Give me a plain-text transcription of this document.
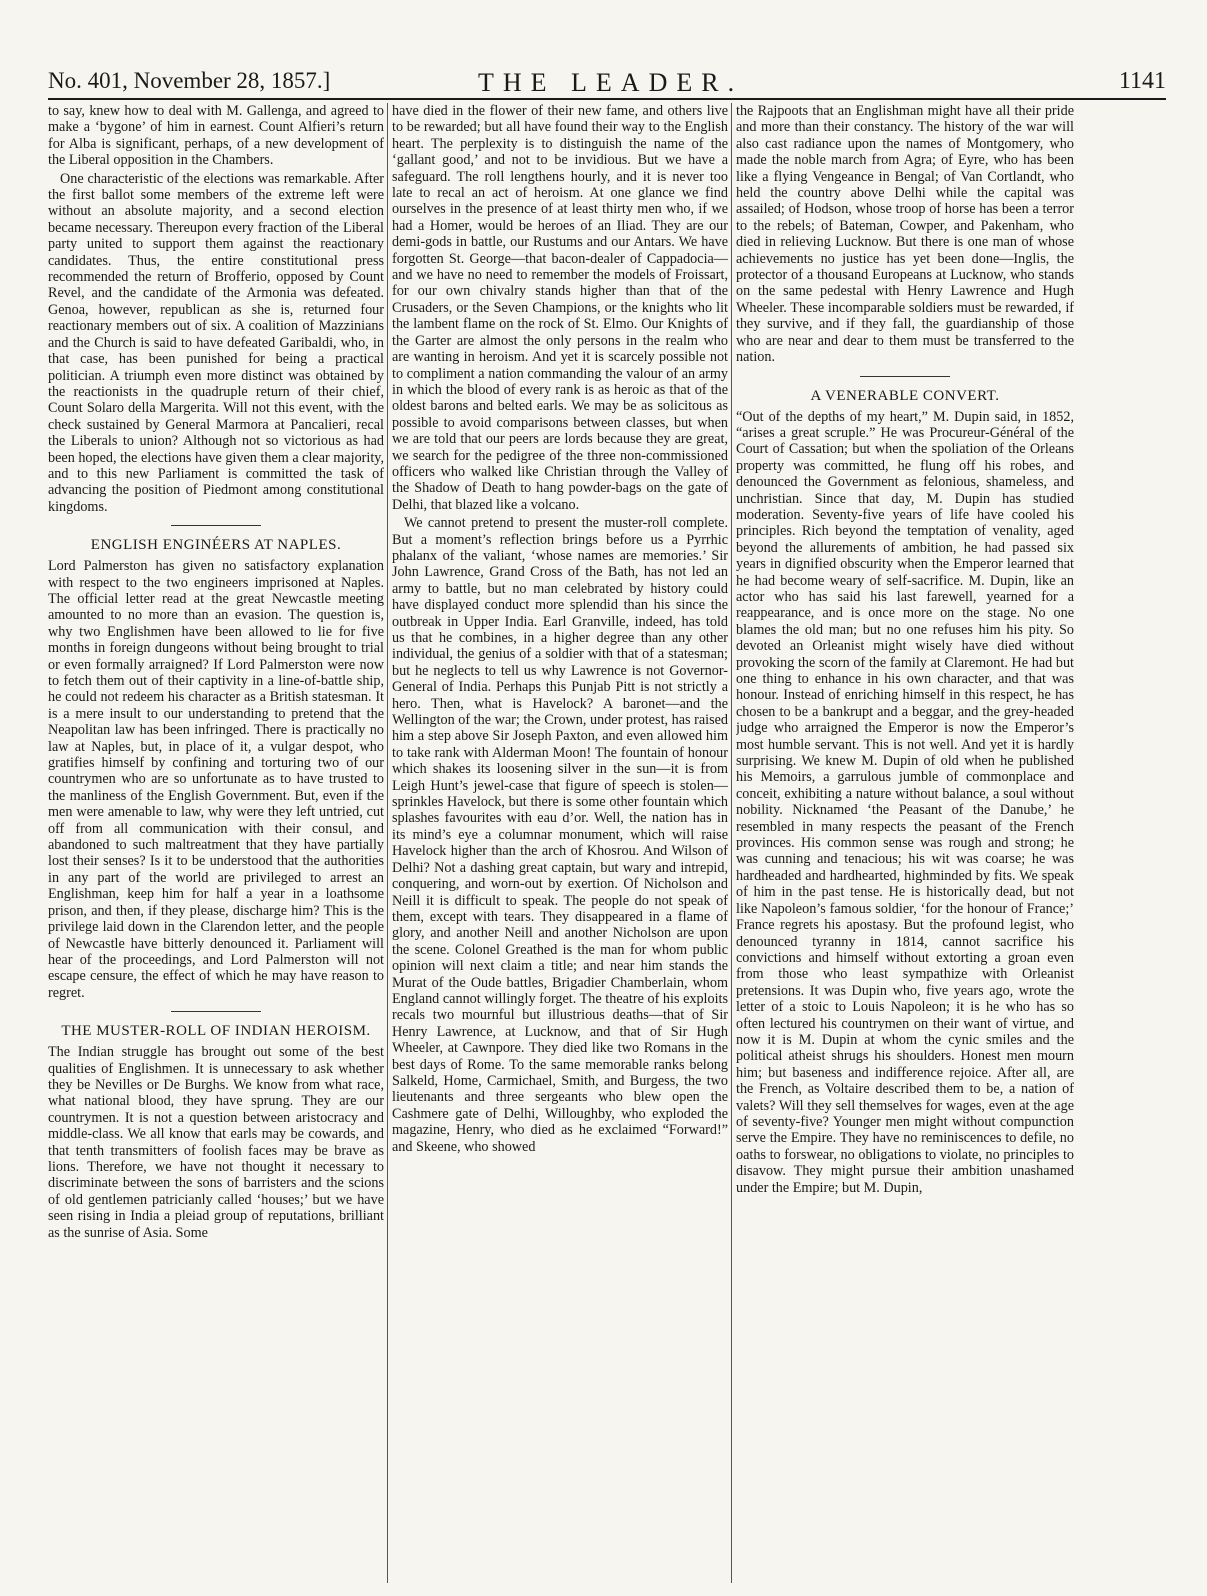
No. 401, November 28, 1857.]	THE LEADER.	1141

to say, knew how to deal with M. Gallenga, and agreed to make a ‘bygone’ of him in earnest. Count Alfieri’s return for Alba is significant, perhaps, of a new development of the Liberal opposition in the Chambers.

One characteristic of the elections was remarkable. After the first ballot some members of the extreme left were without an absolute majority, and a second election became necessary. Thereupon every fraction of the Liberal party united to support them against the reactionary candidates. Thus, the entire constitutional press recommended the return of Brofferio, opposed by Count Revel, and the candidate of the Armonia was defeated. Genoa, however, republican as she is, returned four reactionary members out of six. A coalition of Mazzinians and the Church is said to have defeated Garibaldi, who, in that case, has been punished for being a practical politician. A triumph even more distinct was obtained by the reactionists in the quadruple return of their chief, Count Solaro della Margerita. Will not this event, with the check sustained by General Marmora at Pancalieri, recal the Liberals to union? Although not so victorious as had been hoped, the elections have given them a clear majority, and to this new Parliament is committed the task of advancing the position of Piedmont among constitutional kingdoms.

ENGLISH ENGINÉERS AT NAPLES.

Lord Palmerston has given no satisfactory explanation with respect to the two engineers imprisoned at Naples. The official letter read at the great Newcastle meeting amounted to no more than an evasion. The question is, why two Englishmen have been allowed to lie for five months in foreign dungeons without being brought to trial or even formally arraigned? If Lord Palmerston were now to fetch them out of their captivity in a line-of-battle ship, he could not redeem his character as a British statesman. It is a mere insult to our understanding to pretend that the Neapolitan law has been infringed. There is practically no law at Naples, but, in place of it, a vulgar despot, who gratifies himself by confining and torturing two of our countrymen who are so unfortunate as to have trusted to the manliness of the English Government. But, even if the men were amenable to law, why were they left untried, cut off from all communication with their consul, and abandoned to such maltreatment that they have partially lost their senses? Is it to be understood that the authorities in any part of the world are privileged to arrest an Englishman, keep him for half a year in a loathsome prison, and then, if they please, discharge him? This is the privilege laid down in the Clarendon letter, and the people of Newcastle have bitterly denounced it. Parliament will hear of the proceedings, and Lord Palmerston will not escape censure, the effect of which he may have reason to regret.

THE MUSTER-ROLL OF INDIAN HEROISM.

The Indian struggle has brought out some of the best qualities of Englishmen. It is unnecessary to ask whether they be Nevilles or De Burghs. We know from what race, what national blood, they have sprung. They are our countrymen. It is not a question between aristocracy and middle-class. We all know that earls may be cowards, and that tenth transmitters of foolish faces may be brave as lions. Therefore, we have not thought it necessary to discriminate between the sons of barristers and the scions of old gentlemen patricianly called ‘houses;’ but we have seen rising in India a pleiad group of reputations, brilliant as the sunrise of Asia. Some

have died in the flower of their new fame, and others live to be rewarded; but all have found their way to the English heart. The perplexity is to distinguish the name of the ‘gallant good,’ and not to be invidious. But we have a safeguard. The roll lengthens hourly, and it is never too late to recal an act of heroism. At one glance we find ourselves in the presence of at least thirty men who, if we had a Homer, would be heroes of an Iliad. They are our demi-gods in battle, our Rustums and our Antars. We have forgotten St. George—that bacon-dealer of Cappadocia—and we have no need to remember the models of Froissart, for our own chivalry stands higher than that of the Crusaders, or the Seven Champions, or the knights who lit the lambent flame on the rock of St. Elmo. Our Knights of the Garter are almost the only persons in the realm who are wanting in heroism. And yet it is scarcely possible not to compliment a nation commanding the valour of an army in which the blood of every rank is as heroic as that of the oldest barons and belted earls. We may be as solicitous as possible to avoid comparisons between classes, but when we are told that our peers are lords because they are great, we search for the pedigree of the three non-commissioned officers who walked like Christian through the Valley of the Shadow of Death to hang powder-bags on the gate of Delhi, that blazed like a volcano.

We cannot pretend to present the muster-roll complete. But a moment’s reflection brings before us a Pyrrhic phalanx of the valiant, ‘whose names are memories.’ Sir John Lawrence, Grand Cross of the Bath, has not led an army to battle, but no man celebrated by history could have displayed conduct more splendid than his since the outbreak in Upper India. Earl Granville, indeed, has told us that he combines, in a higher degree than any other individual, the genius of a soldier with that of a statesman; but he neglects to tell us why Lawrence is not Governor-General of India. Perhaps this Punjab Pitt is not strictly a hero. Then, what is Havelock? A baronet—and the Wellington of the war; the Crown, under protest, has raised him a step above Sir Joseph Paxton, and even allowed him to take rank with Alderman Moon! The fountain of honour which shakes its loosening silver in the sun—it is from Leigh Hunt’s jewel-case that figure of speech is stolen—sprinkles Havelock, but there is some other fountain which splashes favourites with eau d’or. Well, the nation has in its mind’s eye a columnar monument, which will raise Havelock higher than the arch of Khosrou. And Wilson of Delhi? Not a dashing great captain, but wary and intrepid, conquering, and worn-out by exertion. Of Nicholson and Neill it is difficult to speak. The people do not speak of them, except with tears. They disappeared in a flame of glory, and another Neill and another Nicholson are upon the scene. Colonel Greathed is the man for whom public opinion will next claim a title; and near him stands the Murat of the Oude battles, Brigadier Chamberlain, whom England cannot willingly forget. The theatre of his exploits recals two mournful but illustrious deaths—that of Sir Henry Lawrence, at Lucknow, and that of Sir Hugh Wheeler, at Cawnpore. They died like two Romans in the best days of Rome. To the same memorable ranks belong Salkeld, Home, Carmichael, Smith, and Burgess, the two lieutenants and three sergeants who blew open the Cashmere gate of Delhi, Willoughby, who exploded the magazine, Henry, who died as he exclaimed “Forward!” and Skeene, who showed

the Rajpoots that an Englishman might have all their pride and more than their constancy. The history of the war will also cast radiance upon the names of Montgomery, who made the noble march from Agra; of Eyre, who has been like a flying Vengeance in Bengal; of Van Cortlandt, who held the country above Delhi while the capital was assailed; of Hodson, whose troop of horse has been a terror to the rebels; of Bateman, Cowper, and Pakenham, who died in relieving Lucknow. But there is one man of whose achievements no justice has yet been done—Inglis, the protector of a thousand Europeans at Lucknow, who stands on the same pedestal with Henry Lawrence and Hugh Wheeler. These incomparable soldiers must be rewarded, if they survive, and if they fall, the guardianship of those who are near and dear to them must be transferred to the nation.

A VENERABLE CONVERT.

“Out of the depths of my heart,” M. Dupin said, in 1852, “arises a great scruple.” He was Procureur-Général of the Court of Cassation; but when the spoliation of the Orleans property was committed, he flung off his robes, and denounced the Government as felonious, shameless, and unchristian. Since that day, M. Dupin has studied moderation. Seventy-five years of life have cooled his principles. Rich beyond the temptation of venality, aged beyond the allurements of ambition, he had passed six years in dignified obscurity when the Emperor learned that he had become weary of self-sacrifice. M. Dupin, like an actor who has said his last farewell, yearned for a reappearance, and is once more on the stage. No one blames the old man; but no one refuses him his pity. So devoted an Orleanist might wisely have died without provoking the scorn of the family at Claremont. He had but one thing to enhance in his own character, and that was honour. Instead of enriching himself in this respect, he has chosen to be a bankrupt and a beggar, and the grey-headed judge who arraigned the Emperor is now the Emperor’s most humble servant. This is not well. And yet it is hardly surprising. We knew M. Dupin of old when he published his Memoirs, a garrulous jumble of commonplace and conceit, exhibiting a nature without balance, a soul without nobility. Nicknamed ‘the Peasant of the Danube,’ he resembled in many respects the peasant of the French provinces. His common sense was rough and strong; he was cunning and tenacious; his wit was coarse; he was hardheaded and hardhearted, highminded by fits. We speak of him in the past tense. He is historically dead, but not like Napoleon’s famous soldier, ‘for the honour of France;’ France regrets his apostasy. But the profound legist, who denounced tyranny in 1814, cannot sacrifice his convictions and himself without extorting a groan even from those who least sympathize with Orleanist pretensions. It was Dupin who, five years ago, wrote the letter of a stoic to Louis Napoleon; it is he who has so often lectured his countrymen on their want of virtue, and now it is M. Dupin at whom the cynic smiles and the political atheist shrugs his shoulders. Honest men mourn him; but baseness and indifference rejoice. After all, are the French, as Voltaire described them to be, a nation of valets? Will they sell themselves for wages, even at the age of seventy-five? Younger men might without compunction serve the Empire. They have no reminiscences to defile, no oaths to forswear, no obligations to violate, no principles to disavow. They might pursue their ambition unashamed under the Empire; but M. Dupin,
